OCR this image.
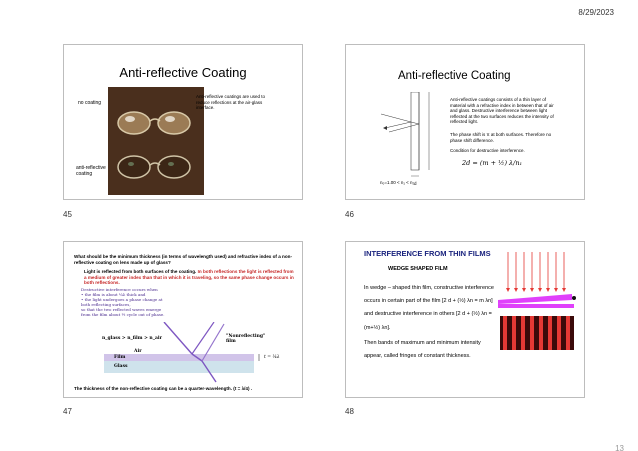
8/29/2023
Anti-reflective Coating
no coating
anti-reflective coating
Anti-reflective coatings are used to reduce reflections at the air-glass interface.
45
Anti-reflective Coating
d
n₀=1.00 < n₁ < n₂
Anti-reflective coatings consists of a thin layer of material with a refractive index in between that of air and glass. Destructive interference between light reflected at the two surfaces reduces the intensity of reflected light.
The phase shift is π at both surfaces. Therefore no phase shift difference.
Condition for destructive interference.
2d = (m + ½) λ/n₁
46
What should be the minimum thickness (in terms of wavelength used) and refractive index of a non- reflective coating on lens made up of glass?
Light is reflected from both surfaces of the coating. In both reflections the light is reflected from a medium of greater index than that in which it is traveling, so the same phase change occurs in both reflections.
Destructive interference occurs when
• the film is about ¼λ thick and
• the light undergoes a phase change at both reflecting surfaces,
so that the two reflected waves emerge from the film about ½ cycle out of phase.
n_glass > n_film > n_air
Air
Film
Glass
"Nonreflecting" film
t = ¼λ
The thickness of the non-reflective coating can be a quarter-wavelength. (t = λ/4) .
47
INTERFERENCE FROM THIN FILMS
WEDGE SHAPED FILM

In wedge – shaped thin film, constructive interference occurs in certain part of the film [2 d + (½) λn = m λn] and destructive interference in others [2 d + (½) λn = (m+½) λn].

Then bands of maximum and minimum intensity appear, called fringes of constant thickness.

48
13
